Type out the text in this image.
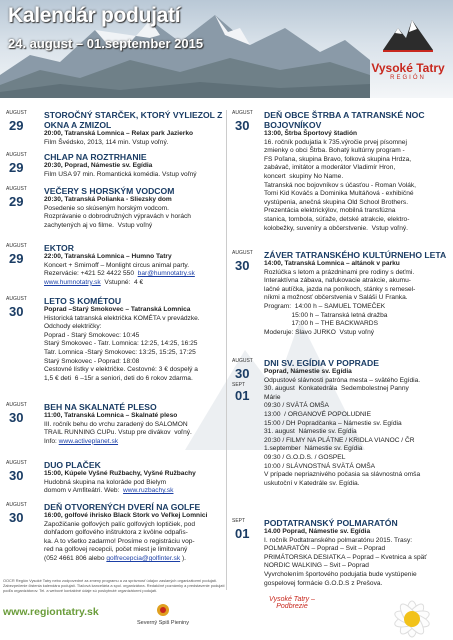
Kalendár podujatí
24. august – 01.september 2015
Vysoké Tatry
REGIÓN
AUGUST
29
STOROČNÝ STARČEK, KTORÝ VYLIEZOL Z OKNA A ZMIZOL
20:00, Tatranská Lomnica – Relax park Jazierko
Film Švédsko, 2013, 114 min. Vstup voľný.
AUGUST
29
CHLAP NA ROZTRHANIE
20:30, Poprad, Námestie sv. Egídia
Film USA 97 min. Romantická komédia. Vstup voľný
AUGUST
29
VEČERY S HORSKÝM VODCOM
20:30, Tatranská Polianka - Sliezsky dom
Posedenie so skúseným horským vodcom.
Rozprávanie o dobrodružných výpravách v horách
zachytených aj vo filme.  Vstup voľný
AUGUST
29
EKTOR
22:00, Tatranská Lomnica – Humno Tatry
Koncert + Smirnoff – Monlight circus animal party.
Rezervácie: +421 52 4422 550  bar@humnotatry.sk
www.humnotatry.sk  Vstupné:  4 €
AUGUST
30
LETO S KOMÉTOU
Poprad –Starý Smokovec – Tatranská Lomnica
Historická tatranská električka KOMÉTA v prevádzke.
Odchody električky:
Poprad - Starý Smokovec: 10:45
Starý Smokovec - Tatr. Lomnica: 12:25, 14:25, 16:25
Tatr. Lomnica -Starý Smokovec: 13:25, 15:25, 17:25
Starý Smokovec - Poprad: 18:08
Cestovné lístky v električke. Cestovné: 3 € dospelý a
1,5 € deti  6 –15r a seniori, deti do 6 rokov zdarma.
AUGUST
30
BEH NA SKALNATÉ PLESO
11:00, Tatranská Lomnica – Skalnaté pleso
III. ročník behu do vrchu zaradený do SALOMON
TRAIL RUNNING CUPu. Vstup pre divákov  voľný.
Info: www.activeplanet.sk
AUGUST
30
DUO PLAČEK
15:00, Kúpele Vyšné Ružbachy, Vyšné Ružbachy
Hudobná skupina na koloráde pod Bielym
domom v Amfiteátri. Web:  www.ruzbachy.sk
AUGUST
30
DEŇ OTVORENÝCH DVERÍ NA GOLFE
16:00, golfové ihrisko Black Stork vo Veľkej Lomnici
Zapožičanie golfových palíc golfových loptičiek, pod
dohľadom golfového inštruktora z kvôlne odpaľis-
ka. A to všetko zadarmo! Prosíme o registráciu vop-
red na golfovej recepcii, počet miest je limitovaný
(052 4661 806 alebo golfrecepcia@golfinter.sk ).
AUGUST
30
DEŇ OBCE ŠTRBA A TATRANSKÉ NOC BOJOVNÍKOV
13:00, Štrba Športový štadión
16. ročník podujatia k 735.výročie prvej písomnej
zmienky o obci Štrba. Bohatý kultúrny program -
FS Poľana, skupina Bravo, folková skupina Hrdza,
zabávač, imitátor a moderátor Vladimír Hron,
koncert  skupiny No Name.
Tatranská noc bojovníkov s účasťou - Roman Volák,
Tomi Kid Kováčs a Dominika Multáňová - exhibičné
vystúpenia, anečná skupina Old School Brothers.
Prezentácia elektrickýlov, mobilná transfúzna
stanica, tombola, súťaže, detské atrakcie, elektro-
kolobežky, suveníry a občerstvenie.  Vstup voľný.
AUGUST
30
ZÁVER TATRANSKÉHO KULTÚRNEHO LETA
14:00, Tatranská Lomnica – altánok v parku
Rozlúčka s letom a prázdninami pre rodiny s deťmi.
Interaktívna zábava, nafukovacie atrakcie, akumu-
lačné autíčka, jazda na poníkoch, stánky s remesel-
níkmi a možnosť občerstvenia v Saláši U Franka.
Program:  14:00 h – SAMUEL TOMEČEK
15:00 h – Tatranská letná dražba
17:00 h – THE BACKWARDS
Moderuje: Slavo JURKO  Vstup voľný
AUGUST
30
SEPT
01
DNI SV. EGÍDIA V POPRADE
Poprad, Námestie sv. Egídia
Odpustové slávnosti patróna mesta – svätého Egídia.
30. august  Konkatedrála  Sedembolestnej Panny
Márie
09:30 / SVÄTÁ OMŠA
13:00  / ORGANOVÉ POPOLUDNIE
15:00 / DH Popradčanka – Námestie sv. Egídia
31. august  Námestie sv. Egídia
20:30 / FILMY NA PLÁTNE / KRIDLA VIANOC / ČR
1.september  Námestie sv. Egídia
09:30 / G.O.D.S. / GOSPEL
10:00 / SLÁVNOSTNÁ SVÄTÁ OMŠA
V prípade nepriaznivého počasia sa slávnostná omša
uskutoční v Katedrále sv. Egídia.
SEPT
01
PODTATRANSKÝ POLMARATÓN
14.00 Poprad, Námestie sv. Egídia
I. ročník Podtatranského polmaratónu 2015. Trasy:
POLMARATÓN – Poprad – Svit – Poprad
PRIMÁTORSKA DESIATKA – Poprad – Kvetnica a späť
NORDIC WALKING – Svit – Poprad
Vyvrcholením športového podujatia bude vystúpenie
gospelovej formácie G.O.D.S z Prešova.
OOCR Región Vysoké Tatry nebo zodpovedné za zmeny programu a za správnosť údajov zaslaných organizátormi podujatí. Zabezpečenie čistenia kalendára podujatí. Tlačová kancelária a spol. organizátora. Redakčné poznámky a predstavenie podujatí podľa organizátorov. Tel. a webové kontaktné údaje sú poskytnuté organizátormi podujatí.
www.regiontatry.sk
Severný Spiš Pieniny
Vysoké Tatry – Podbrezie
